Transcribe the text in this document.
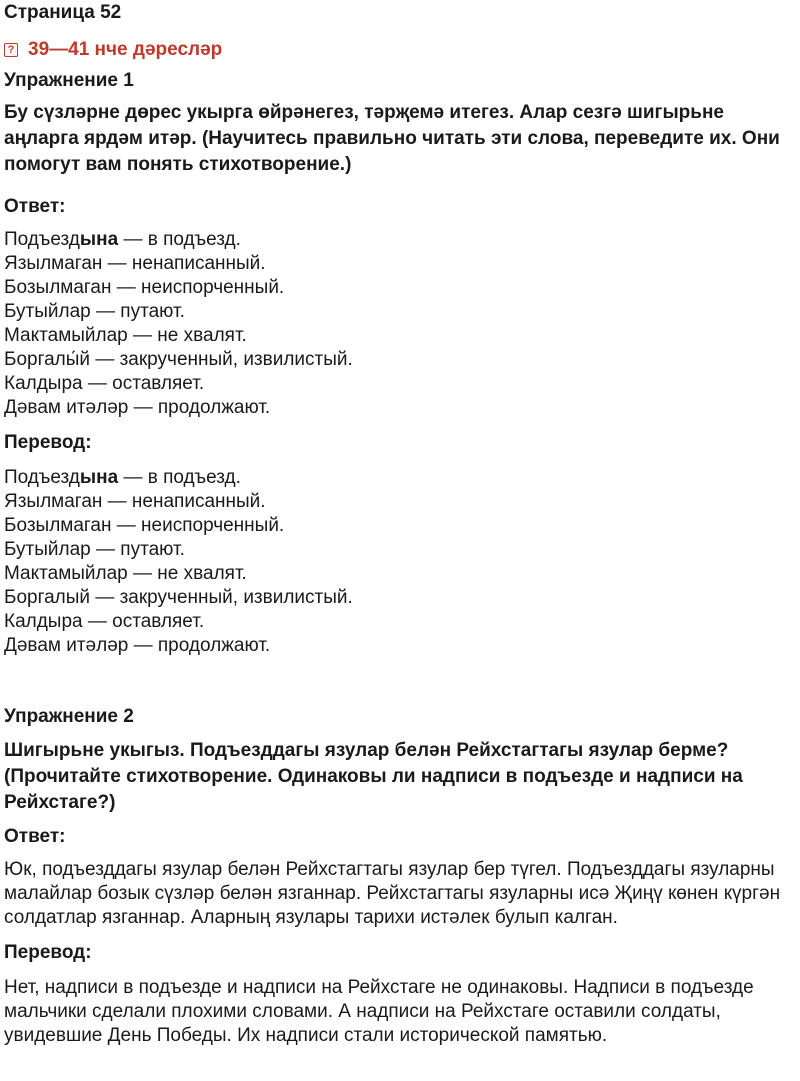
Страница 52
? 39—41 нче дәресләр
Упражнение 1

Бу сүзләрне дөрес укырга өйрәнегез, тәрҗемә итегез. Алар сезгә шигырьне аңларга ярдәм итәр. (Научитесь правильно читать эти слова, переведите их. Они помогут вам понять стихотворение.)

Ответ:

Подъездына — в подъезд.
Язылмаган — ненаписанный.
Бозылмаган — неиспорченный.
Бутыйлар — путают.
Мактамыйлар — не хвалят.
Боргалы́й — закрученный, извилистый.
Калдыра — оставляет.
Дәвам итәләр — продолжают.

Перевод:

Подъездына — в подъезд.
Язылмаган — ненаписанный.
Бозылмаган — неиспорченный.
Бутыйлар — путают.
Мактамыйлар — не хвалят.
Боргалый — закрученный, извилистый.
Калдыра — оставляет.
Дәвам итәләр — продолжают.
Упражнение 2

Шигырьне укыгыз. Подъезддагы язулар белән Рейхстагтагы язулар берме? (Прочитайте стихотворение. Одинаковы ли надписи в подъезде и надписи на Рейхстаге?)

Ответ:

Юк, подъезддагы язулар белән Рейхстагтагы язулар бер түгел. Подъезддагы язуларны малайлар бозык сүзләр белән язганнар. Рейхстагтагы язуларны исә Җиңү көнен күргән солдатлар язганнар. Аларның язулары тарихи истәлек булып калган.

Перевод:

Нет, надписи в подъезде и надписи на Рейхстаге не одинаковы. Надписи в подъезде мальчики сделали плохими словами. А надписи на Рейхстаге оставили солдаты, увидевшие День Победы. Их надписи стали исторической памятью.
